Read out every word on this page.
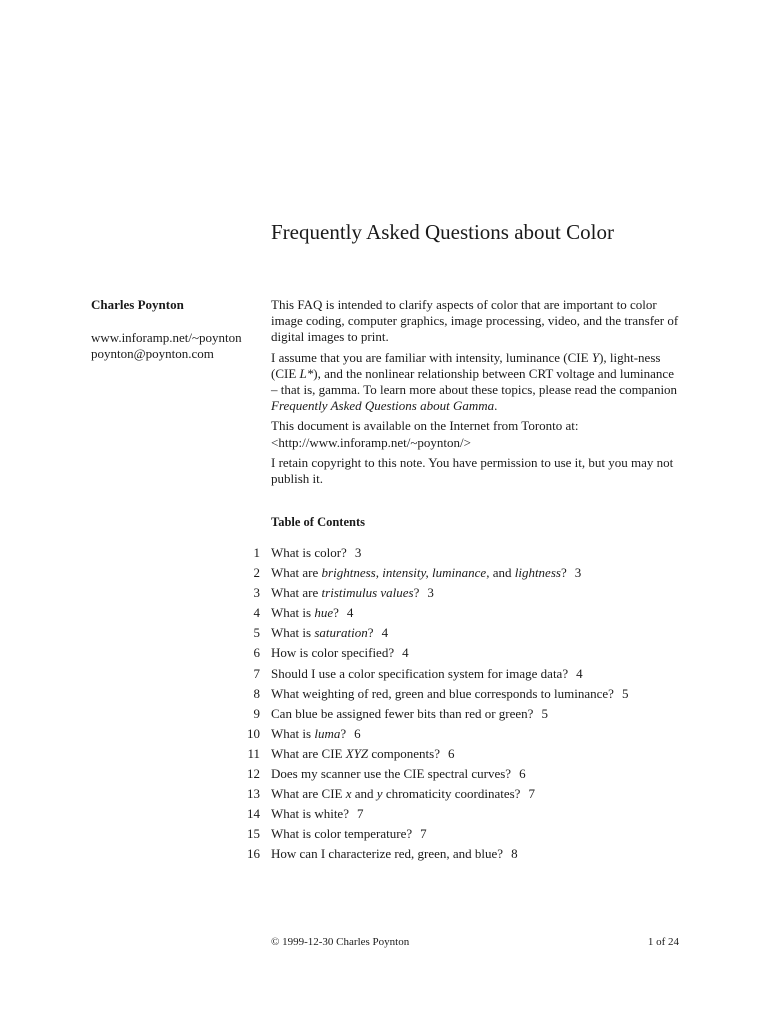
Frequently Asked Questions about Color

Charles Poynton

www.inforamp.net/~poynton

poynton@poynton.com

This FAQ is intended to clarify aspects of color that are important to color image coding, computer graphics, image processing, video, and the transfer of digital images to print.

I assume that you are familiar with intensity, luminance (CIE Y), light-ness (CIE L*), and the nonlinear relationship between CRT voltage and luminance – that is, gamma. To learn more about these topics, please read the companion Frequently Asked Questions about Gamma.

This document is available on the Internet from Toronto at: <http://www.inforamp.net/~poynton/>

I retain copyright to this note. You have permission to use it, but you may not publish it.

Table of Contents
1 What is color? 3
2 What are brightness, intensity, luminance, and lightness? 3
3 What are tristimulus values? 3
4 What is hue? 4
5 What is saturation? 4
6 How is color specified? 4
7 Should I use a color specification system for image data? 4
8 What weighting of red, green and blue corresponds to luminance? 5
9 Can blue be assigned fewer bits than red or green? 5
10 What is luma? 6
11 What are CIE XYZ components? 6
12 Does my scanner use the CIE spectral curves? 6
13 What are CIE x and y chromaticity coordinates? 7
14 What is white? 7
15 What is color temperature? 7
16 How can I characterize red, green, and blue? 8
© 1999-12-30 Charles Poynton	1 of 24
